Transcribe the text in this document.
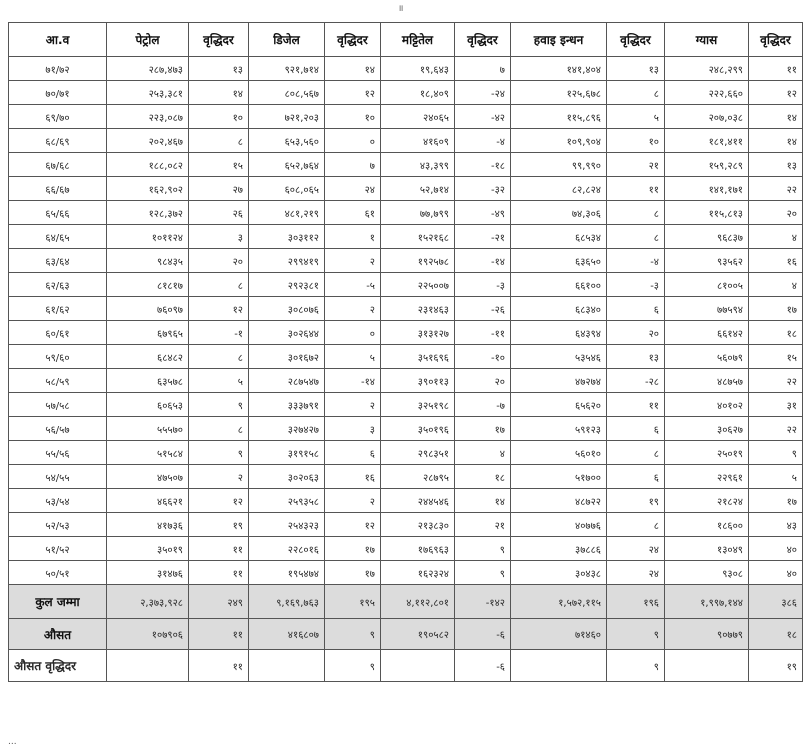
॥
आ.व	पेट्रोल	वृद्धिदर	डिजेल	वृद्धिदर	मट्टितेल	वृद्धिदर	हवाइ इन्धन	वृद्धिदर	ग्यास	वृद्धिदर
७१/७२	२८७,४७३	१३	९२१,७१४	१४	१९,६४३	७	१४१,४०४	१३	२४८,२९९	११
७०/७१	२५३,३८१	१४	८०८,५६७	१२	१८,४०९	-२४	१२५,६७८	८	२२२,६६०	१२
६९/७०	२२३,०८७	१०	७२१,२०३	१०	२४०६५	-४२	११५,८९६	५	२०७,०३८	१४
६८/६९	२०२,४६७	८	६५३,५६०	०	४१६०९	-४	१०९,९०४	१०	१८१,४११	१४
६७/६८	१८८,०८२	१५	६५२,७६४	७	४३,३९९	-१८	९९,९९०	२१	१५९,२८९	१३
६६/६७	१६२,९०२	२७	६०८,०६५	२४	५२,७१४	-३२	८२,८२४	११	१४१,१७१	२२
६५/६६	१२८,३७२	२६	४८१,२१९	६१	७७,७९९	-४९	७४,३०६	८	११५,८१३	२०
६४/६५	१०११२४	३	३०३११२	१	१५२१६८	-२१	६८५३४	८	९६८३७	४
६३/६४	९८४३५	२०	२९९४१९	२	१९२५७८	-१४	६३६५०	-४	९३५६२	१६
६२/६३	८१८१७	८	२९२३८१	-५	२२५००७	-३	६६१००	-३	८१००५	४
६१/६२	७६०९७	१२	३०८०७६	२	२३१४६३	-२६	६८३४०	६	७७५९४	१७
६०/६१	६७९६५	-१	३०२६४४	०	३१३१२७	-११	६४३९४	२०	६६१४२	१८
५९/६०	६८४८२	८	३०१६७२	५	३५१६९६	-१०	५३५४६	१३	५६०७९	१५
५८/५९	६३५७८	५	२८७५४७	-१४	३९०११३	२०	४७२७४	-२८	४८७५७	२२
५७/५८	६०६५३	९	३३३७९१	२	३२५१९८	-७	६५६२०	११	४०१०२	३१
५६/५७	५५५७०	८	३२७४२७	३	३५०१९६	१७	५९१२३	६	३०६२७	२२
५५/५६	५१५८४	९	३१९१५८	६	२९८३५१	४	५६०१०	८	२५०१९	९
५४/५५	४७५०७	२	३०२०६३	१६	२८७९५	१८	५१७००	६	२२९६१	५
५३/५४	४६६२१	१२	२५९३५८	२	२४४५४६	१४	४८७२२	१९	२१८२४	१७
५२/५३	४१७३६	१९	२५४३२३	१२	२१३८३०	२१	४०७७६	८	१८६००	४३
५१/५२	३५०१९	११	२२८०१६	१७	१७६९६३	९	३७८८६	२४	१३०४९	४०
५०/५१	३१४७६	११	१९५४७४	१७	१६२३२४	९	३०४३८	२४	९३०८	४०
कुल जम्मा	२,३७३,९२८	२४९	९,१६९,७६३	१९५	४,११२,८०१	-१४२	१,५७२,११५	१९६	१,९९७,१४४	३८६
औसत	१०७९०६	११	४१६८०७	९	१९०५८२	-६	७१४६०	९	९०७७९	१८
औसत वृद्धिदर		११		९		-६		९		१९
...
